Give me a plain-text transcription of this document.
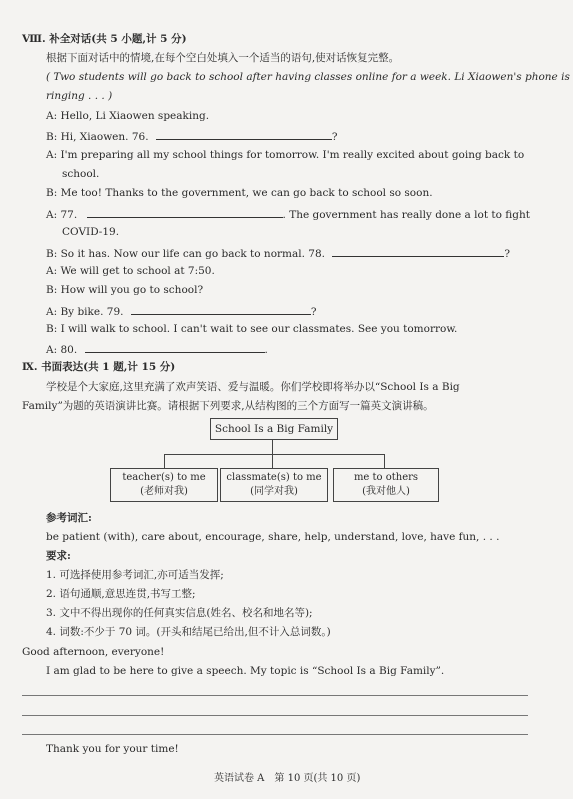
Ⅷ. 补全对话(共 5 小题,计 5 分)
根据下面对话中的情境,在每个空白处填入一个适当的语句,使对话恢复完整。
( Two students will go back to school after having classes online for a week. Li Xiaowen's phone is
ringing . . . )
A: Hello, Li Xiaowen speaking.
B: Hi, Xiaowen. 76.	?
A: I'm preparing all my school things for tomorrow. I'm really excited about going back to
school.
B: Me too! Thanks to the government, we can go back to school so soon.
A: 77.	. The government has really done a lot to fight
COVID-19.
B: So it has. Now our life can go back to normal. 78.	?
A: We will get to school at 7:50.
B: How will you go to school?
A: By bike. 79.	?
B: I will walk to school. I can't wait to see our classmates. See you tomorrow.
A: 80.	.
Ⅸ. 书面表达(共 1 题,计 15 分)
学校是个大家庭,这里充满了欢声笑语、爱与温暖。你们学校即将举办以“School Is a Big
Family”为题的英语演讲比赛。请根据下列要求,从结构图的三个方面写一篇英文演讲稿。
School Is a Big Family
teacher(s) to me
(老师对我)
classmate(s) to me
(同学对我)
me to others
(我对他人)
参考词汇:
be patient (with), care about, encourage, share, help, understand, love, have fun, . . .
要求:
1. 可选择使用参考词汇,亦可适当发挥;
2. 语句通顺,意思连贯,书写工整;
3. 文中不得出现你的任何真实信息(姓名、校名和地名等);
4. 词数:不少于 70 词。(开头和结尾已给出,但不计入总词数。)
Good afternoon, everyone!
I am glad to be here to give a speech. My topic is “School Is a Big Family”.
Thank you for your time!
英语试卷 A　第 10 页(共 10 页)
